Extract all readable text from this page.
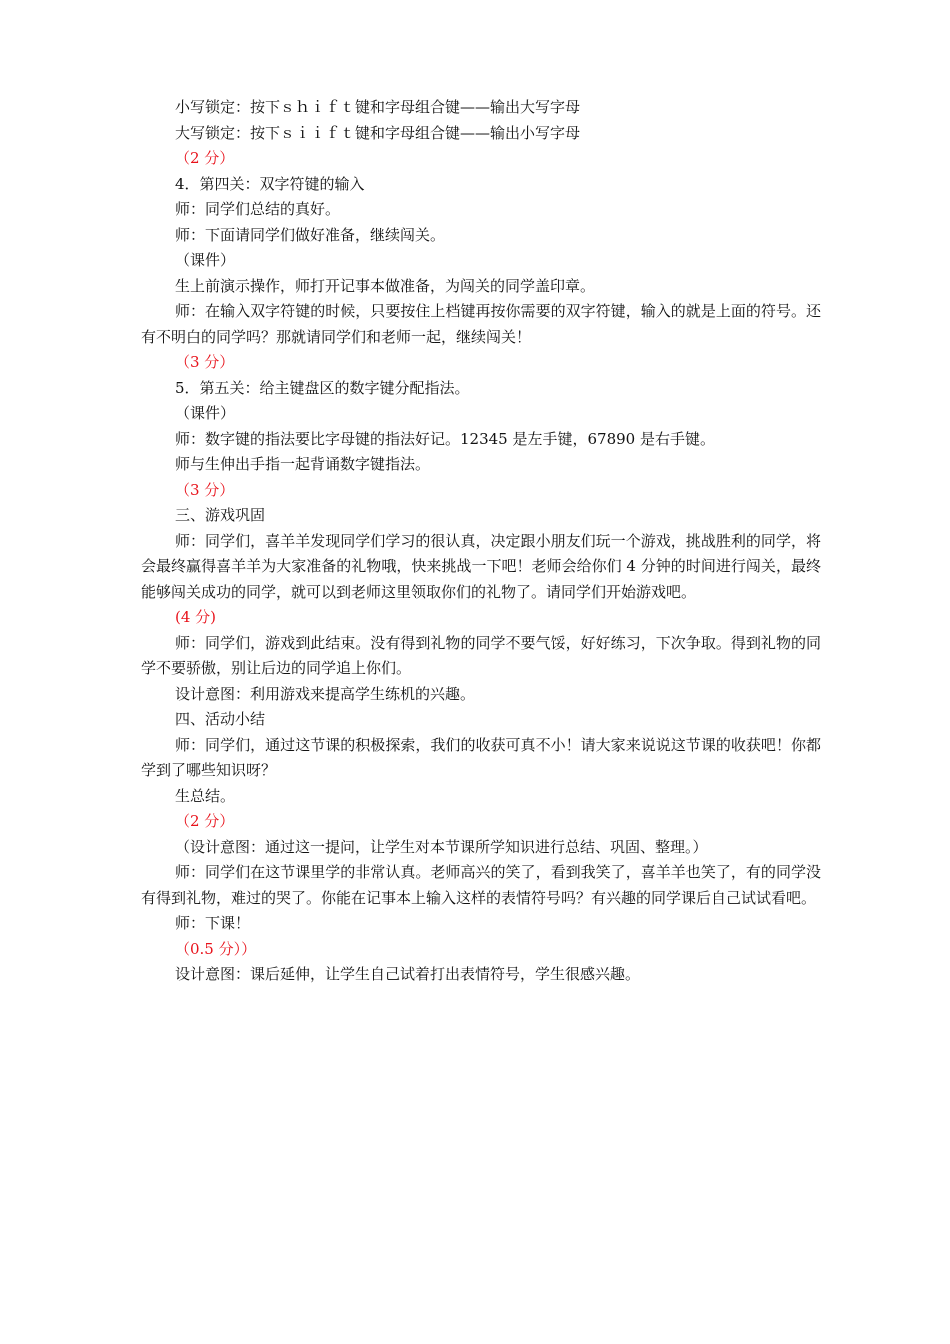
小写锁定：按下ｓｈｉｆｔ键和字母组合键——输出大写字母

大写锁定：按下ｓｉｉｆｔ键和字母组合键——输出小写字母

（2 分）

4．第四关：双字符键的输入

师：同学们总结的真好。

师：下面请同学们做好准备，继续闯关。

（课件）

生上前演示操作，师打开记事本做准备，为闯关的同学盖印章。

师：在输入双字符键的时候，只要按住上档键再按你需要的双字符键，输入的就是上面的符号。还有不明白的同学吗？那就请同学们和老师一起，继续闯关！

（3 分）

5．第五关：给主键盘区的数字键分配指法。

（课件）

师：数字键的指法要比字母键的指法好记。12345 是左手键，67890 是右手键。

师与生伸出手指一起背诵数字键指法。

（3 分）

三、游戏巩固

师：同学们，喜羊羊发现同学们学习的很认真，决定跟小朋友们玩一个游戏，挑战胜利的同学，将会最终赢得喜羊羊为大家准备的礼物哦，快来挑战一下吧！老师会给你们 4 分钟的时间进行闯关，最终能够闯关成功的同学，就可以到老师这里领取你们的礼物了。请同学们开始游戏吧。

(4 分)

师：同学们，游戏到此结束。没有得到礼物的同学不要气馁，好好练习，下次争取。得到礼物的同学不要骄傲，别让后边的同学追上你们。

设计意图：利用游戏来提高学生练机的兴趣。

四、活动小结

师：同学们，通过这节课的积极探索，我们的收获可真不小！请大家来说说这节课的收获吧！你都学到了哪些知识呀？

生总结。

（2 分）

（设计意图：通过这一提问，让学生对本节课所学知识进行总结、巩固、整理。）

师：同学们在这节课里学的非常认真。老师高兴的笑了，看到我笑了，喜羊羊也笑了，有的同学没有得到礼物，难过的哭了。你能在记事本上输入这样的表情符号吗？有兴趣的同学课后自己试试看吧。

师：下课！

（0.5 分））

设计意图：课后延伸，让学生自己试着打出表情符号，学生很感兴趣。
